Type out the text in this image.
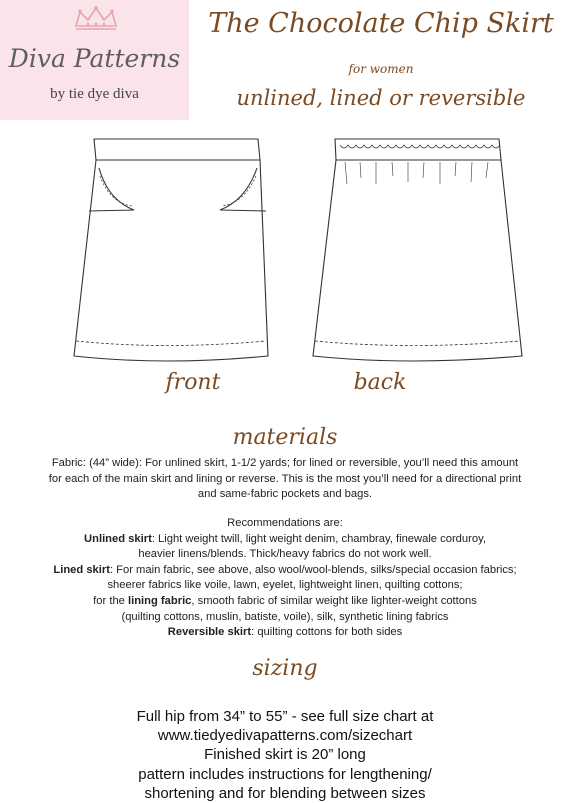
Diva Patterns
by tie dye diva
The Chocolate Chip Skirt
for women
unlined, lined or reversible
front	back
materials
Fabric: (44” wide): For unlined skirt, 1-1/2 yards; for lined or reversible, you’ll need this amount
for each of the main skirt and lining or reverse. This is the most you’ll need for a directional print
and same-fabric pockets and bags.
Recommendations are:
Unlined skirt: Light weight twill, light weight denim, chambray, finewale corduroy,
heavier linens/blends. Thick/heavy fabrics do not work well.
Lined skirt: For main fabric, see above, also wool/wool-blends, silks/special occasion fabrics;
sheerer fabrics like voile, lawn, eyelet, lightweight linen, quilting cottons;
for the lining fabric, smooth fabric of similar weight like lighter-weight cottons
(quilting cottons, muslin, batiste, voile), silk, synthetic lining fabrics
Reversible skirt: quilting cottons for both sides
sizing
Full hip from 34” to 55” - see full size chart at
www.tiedyedivapatterns.com/sizechart
Finished skirt is 20” long
pattern includes instructions for lengthening/
shortening and for blending between sizes
